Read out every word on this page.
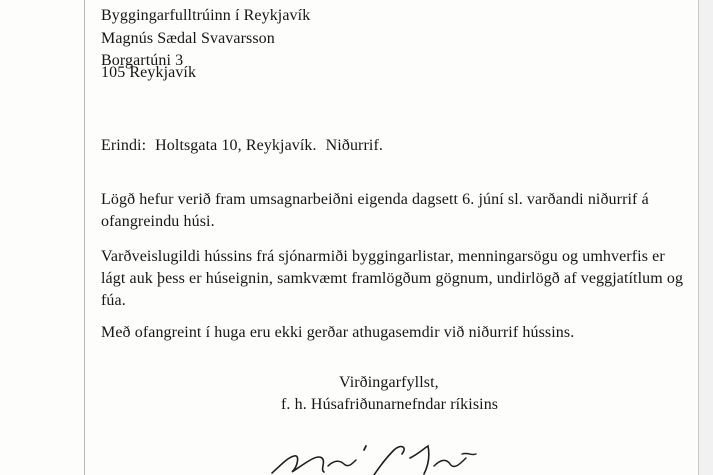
Byggingarfulltrúinn í Reykjavík
Magnús Sædal Svavarsson
Borgartúni 3
105 Reykjavík
Erindi: Holtsgata 10, Reykjavík. Niðurrif.
Lögð hefur verið fram umsagnarbeiðni eigenda dagsett 6. júní sl. varðandi niðurrif á
ofangreindu húsi.
Varðveislugildi hússins frá sjónarmiði byggingarlistar, menningarsögu og umhverfis er
lágt auk þess er húseignin, samkvæmt framlögðum gögnum, undirlögð af veggjatítlum og
fúa.
Með ofangreint í huga eru ekki gerðar athugasemdir við niðurrif hússins.
Virðingarfyllst,
f. h. Húsafriðunarnefndar ríkisins
